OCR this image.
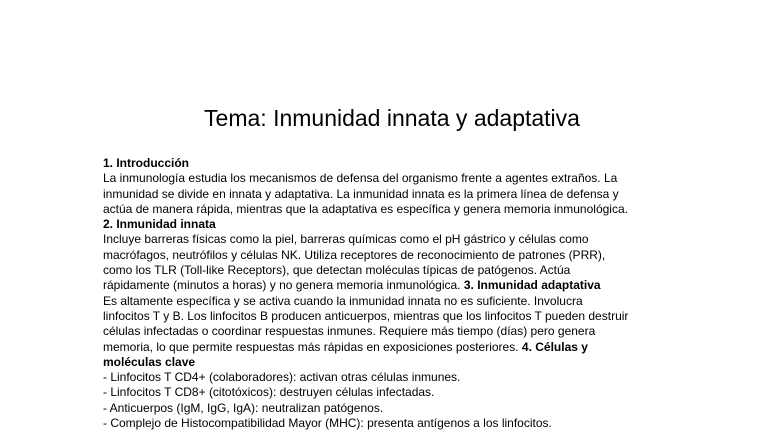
Tema: Inmunidad innata y adaptativa
1. Introducción
La inmunología estudia los mecanismos de defensa del organismo frente a agentes extraños. La
inmunidad se divide en innata y adaptativa. La inmunidad innata es la primera línea de defensa y
actúa de manera rápida, mientras que la adaptativa es específica y genera memoria inmunológica.
2. Inmunidad innata
Incluye barreras físicas como la piel, barreras químicas como el pH gástrico y células como
macrófagos, neutrófilos y células NK. Utiliza receptores de reconocimiento de patrones (PRR),
como los TLR (Toll-like Receptors), que detectan moléculas típicas de patógenos. Actúa
rápidamente (minutos a horas) y no genera memoria inmunológica. 3. Inmunidad adaptativa
Es altamente específica y se activa cuando la inmunidad innata no es suficiente. Involucra
linfocitos T y B. Los linfocitos B producen anticuerpos, mientras que los linfocitos T pueden destruir
células infectadas o coordinar respuestas inmunes. Requiere más tiempo (días) pero genera
memoria, lo que permite respuestas más rápidas en exposiciones posteriores. 4. Células y
moléculas clave
- Linfocitos T CD4+ (colaboradores): activan otras células inmunes.
- Linfocitos T CD8+ (citotóxicos): destruyen células infectadas.
- Anticuerpos (IgM, IgG, IgA): neutralizan patógenos.
- Complejo de Histocompatibilidad Mayor (MHC): presenta antígenos a los linfocitos.
